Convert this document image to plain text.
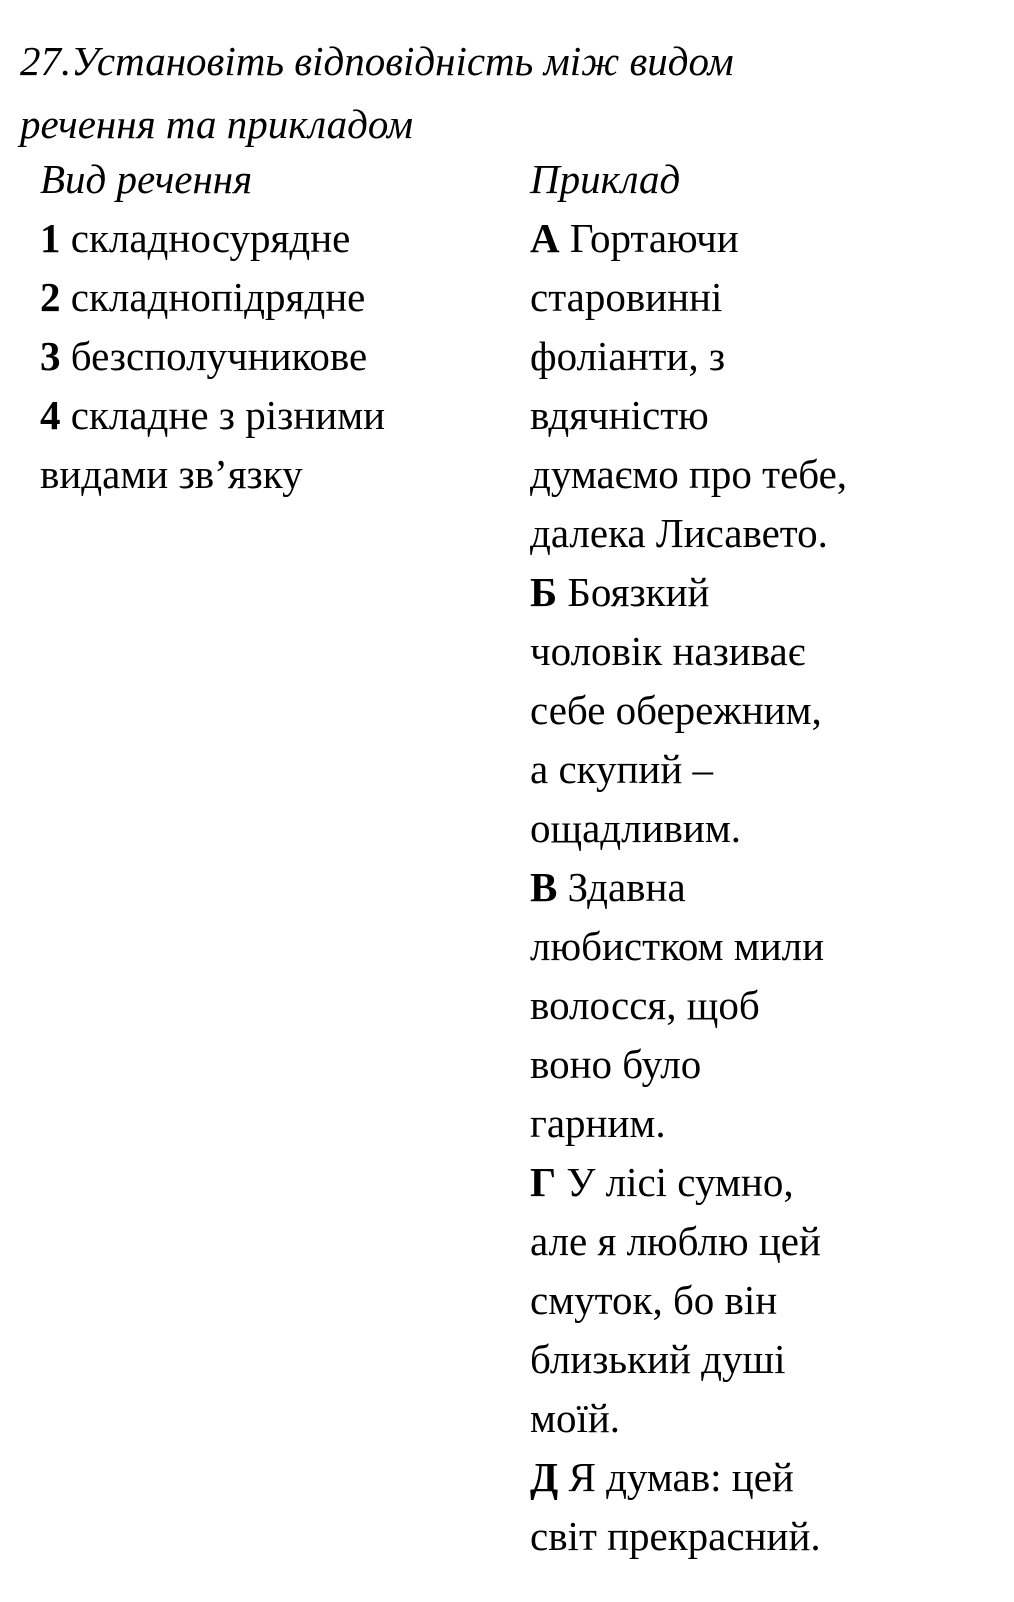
27.Установіть відповідність між видом
речення та прикладом
Вид речення
1 складносурядне
2 складнопідрядне
3 безсполучникове
4 складне з різними
видами зв’язку
Приклад
А Гортаючи
старовинні
фоліанти, з
вдячністю
думаємо про тебе,
далека Лисавето.
Б Боязкий
чоловік називає
себе обережним,
а скупий –
ощадливим.
В Здавна
любистком мили
волосся, щоб
воно було
гарним.
Г У лісі сумно,
але я люблю цей
смуток, бо він
близький душі
моїй.
Д Я думав: цей
світ прекрасний.
